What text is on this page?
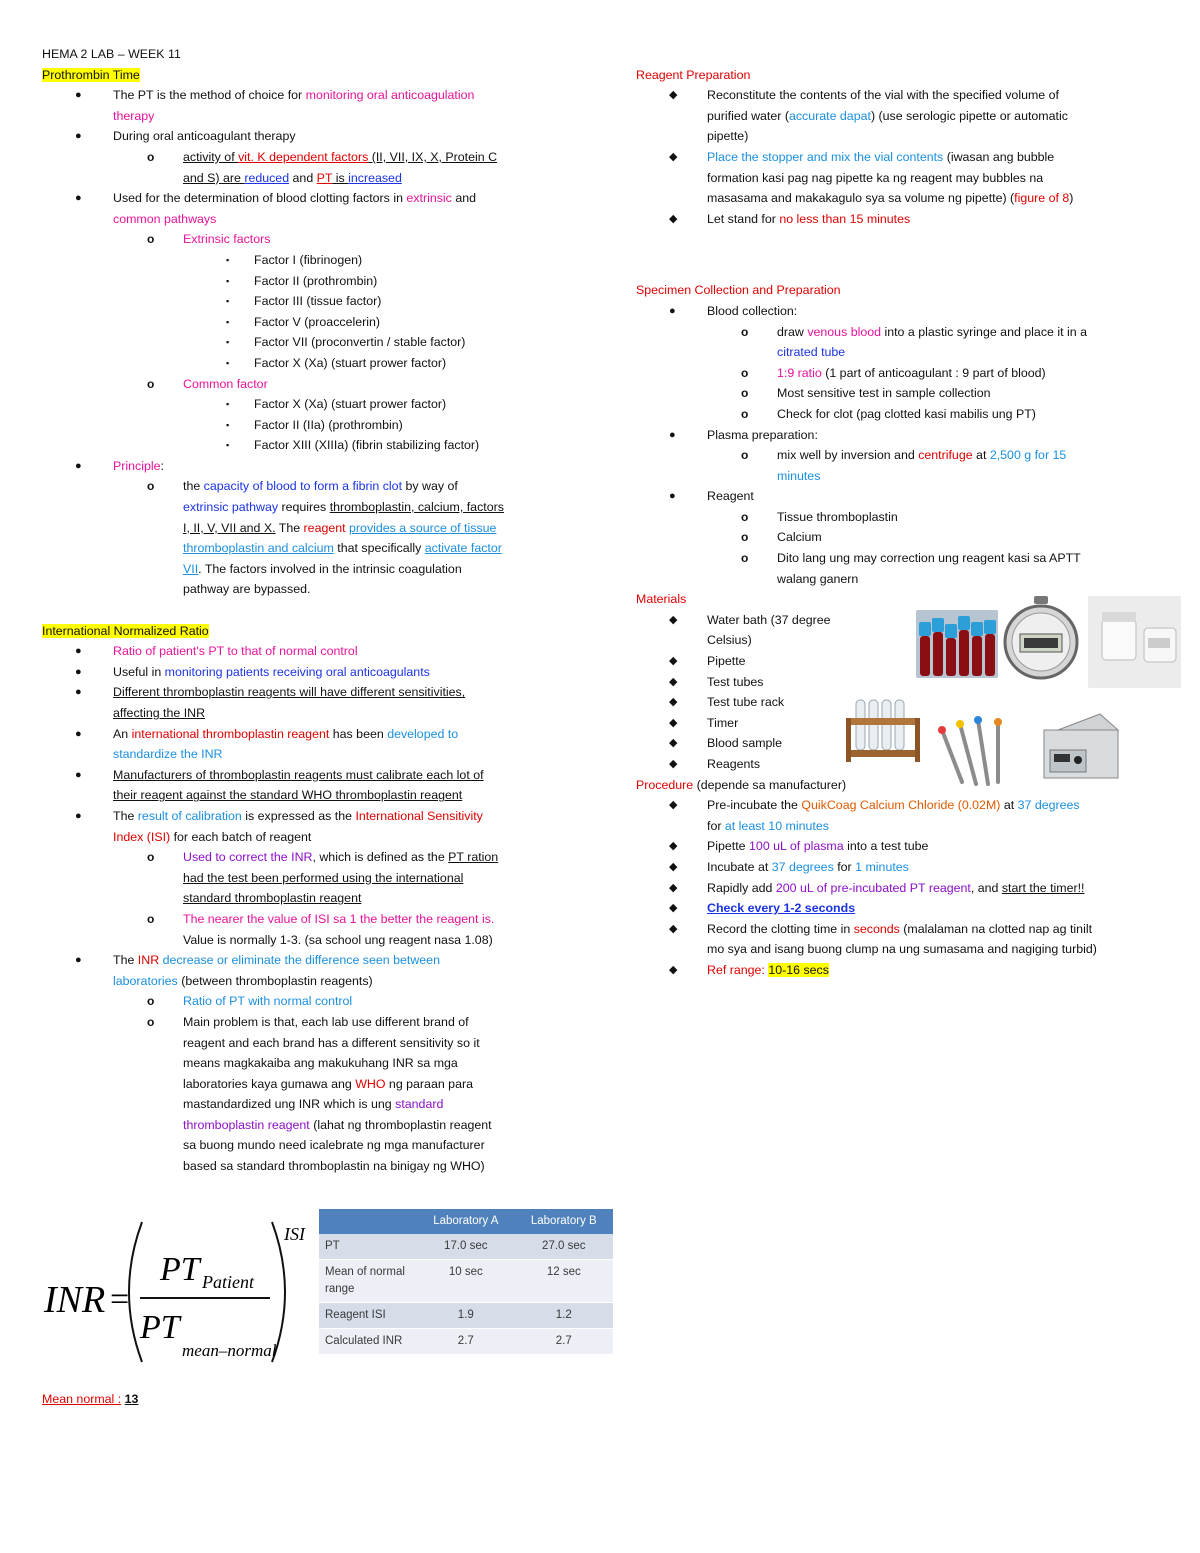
HEMA 2 LAB – WEEK 11

Prothrombin Time

●	The PT is the method of choice for monitoring oral anticoagulation
therapy
●	During oral anticoagulant therapy
o activity of vit. K dependent factors (II, VII, IX, X, Protein C
and S) are reduced and PT is increased
●	Used for the determination of blood clotting factors in extrinsic and
common pathways
o Extrinsic factors
▪ Factor I (fibrinogen)
▪ Factor II (prothrombin)
▪ Factor III (tissue factor)
▪ Factor V (proaccelerin)
▪ Factor VII (proconvertin / stable factor)
▪ Factor X (Xa) (stuart prower factor)
o Common factor
▪ Factor X (Xa) (stuart prower factor)
▪ Factor II (IIa) (prothrombin)
▪ Factor XIII (XIIIa) (fibrin stabilizing factor)
●	Principle:
o the capacity of blood to form a fibrin clot by way of
extrinsic pathway requires thromboplastin, calcium, factors
I, II, V, VII and X. The reagent provides a source of tissue
thromboplastin and calcium that specifically activate factor
VII. The factors involved in the intrinsic coagulation
pathway are bypassed.

International Normalized Ratio

●	Ratio of patient's PT to that of normal control
●	Useful in monitoring patients receiving oral anticoagulants
●	Different thromboplastin reagents will have different sensitivities,
affecting the INR
●	An international thromboplastin reagent has been developed to
standardize the INR
●	Manufacturers of thromboplastin reagents must calibrate each lot of
their reagent against the standard WHO thromboplastin reagent
●	The result of calibration is expressed as the International Sensitivity
Index (ISI) for each batch of reagent
o Used to correct the INR, which is defined as the PT ration
had the test been performed using the international
standard thromboplastin reagent
o The nearer the value of ISI sa 1 the better the reagent is.
Value is normally 1-3. (sa school ung reagent nasa 1.08)
●	The INR decrease or eliminate the difference seen between
laboratories (between thromboplastin reagents)
o Ratio of PT with normal control
o Main problem is that, each lab use different brand of
reagent and each brand has a different sensitivity so it
means magkakaiba ang makukuhang INR sa mga
laboratories kaya gumawa ang WHO ng paraan para
mastandardized ung INR which is ung standard
thromboplastin reagent (lahat ng thromboplastin reagent
sa buong mundo need icalebrate ng mga manufacturer
based sa standard thromboplastin na binigay ng WHO)
INR =
PT Patient
PT
mean–normal
ISI
	Laboratory A	Laboratory B
PT	17.0 sec	27.0 sec
Mean of normal range	10 sec	12 sec
Reagent ISI	1.9	1.2
Calculated INR	2.7	2.7

Mean normal : 13

Reagent Preparation

◆ Reconstitute the contents of the vial with the specified volume of
purified water (accurate dapat) (use serologic pipette or automatic
pipette)
◆ Place the stopper and mix the vial contents (iwasan ang bubble
formation kasi pag nag pipette ka ng reagent may bubbles na
masasama and makakagulo sya sa volume ng pipette) (figure of 8)
◆ Let stand for no less than 15 minutes

Specimen Collection and Preparation

●	Blood collection:
o draw venous blood into a plastic syringe and place it in a
citrated tube
o 1:9 ratio (1 part of anticoagulant : 9 part of blood)
o Most sensitive test in sample collection
o Check for clot (pag clotted kasi mabilis ung PT)
●	Plasma preparation:
o mix well by inversion and centrifuge at 2,500 g for 15
minutes
●	Reagent
o Tissue thromboplastin
o Calcium
o Dito lang ung may correction ung reagent kasi sa APTT
walang ganern

Materials

◆ Water bath (37 degree
Celsius)
◆ Pipette
◆ Test tubes
◆ Test tube rack
◆ Timer
◆ Blood sample
◆ Reagents

Procedure (depende sa manufacturer)

◆ Pre-incubate the QuikCoag Calcium Chloride (0.02M) at 37 degrees
for at least 10 minutes
◆ Pipette 100 uL of plasma into a test tube
◆ Incubate at 37 degrees for 1 minutes
◆ Rapidly add 200 uL of pre-incubated PT reagent, and start the timer!!
◆ Check every 1-2 seconds
◆ Record the clotting time in seconds (malalaman na clotted nap ag tinilt
mo sya and isang buong clump na ung sumasama and nagiging turbid)
◆ Ref range: 10-16 secs
